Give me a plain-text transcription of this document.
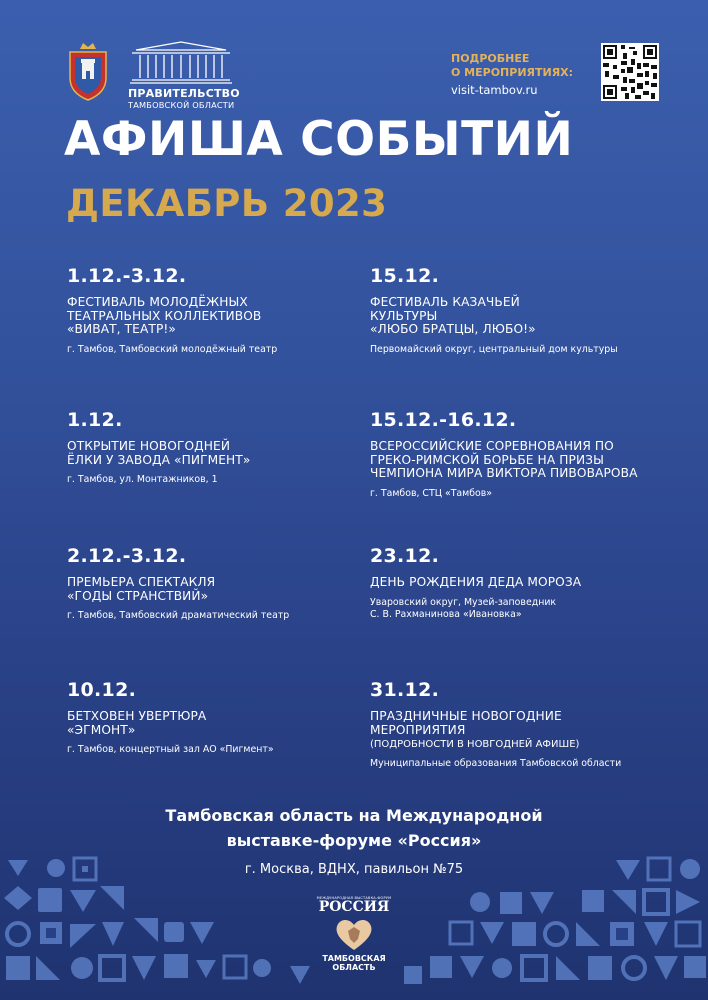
ПРАВИТЕЛЬСТВО
ТАМБОВСКОЙ ОБЛАСТИ
ПОДРОБНЕЕ
О МЕРОПРИЯТИЯХ:
visit-tambov.ru
АФИША СОБЫТИЙ
ДЕКАБРЬ 2023
1.12.-3.12.
ФЕСТИВАЛЬ МОЛОДЁЖНЫХ
ТЕАТРАЛЬНЫХ КОЛЛЕКТИВОВ
«ВИВАТ, ТЕАТР!»
г. Тамбов, Тамбовский молодёжный театр
1.12.
ОТКРЫТИЕ НОВОГОДНЕЙ
ЁЛКИ У ЗАВОДА «ПИГМЕНТ»
г. Тамбов, ул. Монтажников, 1
2.12.-3.12.
ПРЕМЬЕРА СПЕКТАКЛЯ
«ГОДЫ СТРАНСТВИЙ»
г. Тамбов, Тамбовский драматический театр
10.12.
БЕТХОВЕН УВЕРТЮРА
«ЭГМОНТ»
г. Тамбов, концертный зал АО «Пигмент»
15.12.
ФЕСТИВАЛЬ КАЗАЧЬЕЙ
КУЛЬТУРЫ
«ЛЮБО БРАТЦЫ, ЛЮБО!»
Первомайский округ, центральный дом культуры
15.12.-16.12.
ВСЕРОССИЙСКИЕ СОРЕВНОВАНИЯ ПО
ГРЕКО-РИМСКОЙ БОРЬБЕ НА ПРИЗЫ
ЧЕМПИОНА МИРА ВИКТОРА ПИВОВАРОВА
г. Тамбов, СТЦ «Тамбов»
23.12.
ДЕНЬ РОЖДЕНИЯ ДЕДА МОРОЗА
Уваровский округ, Музей-заповедник
С. В. Рахманинова «Ивановка»
31.12.
ПРАЗДНИЧНЫЕ НОВОГОДНИЕ
МЕРОПРИЯТИЯ
(ПОДРОБНОСТИ В НОВГОДНЕЙ АФИШЕ)
Муниципальные образования Тамбовской области
Тамбовская область на Международной
выставке-форуме «Россия»
г. Москва, ВДНХ, павильон №75
МЕЖДУНАРОДНАЯ ВЫСТАВКА-ФОРУМ
РОССИЯ
ТАМБОВСКАЯ
ОБЛАСТЬ
